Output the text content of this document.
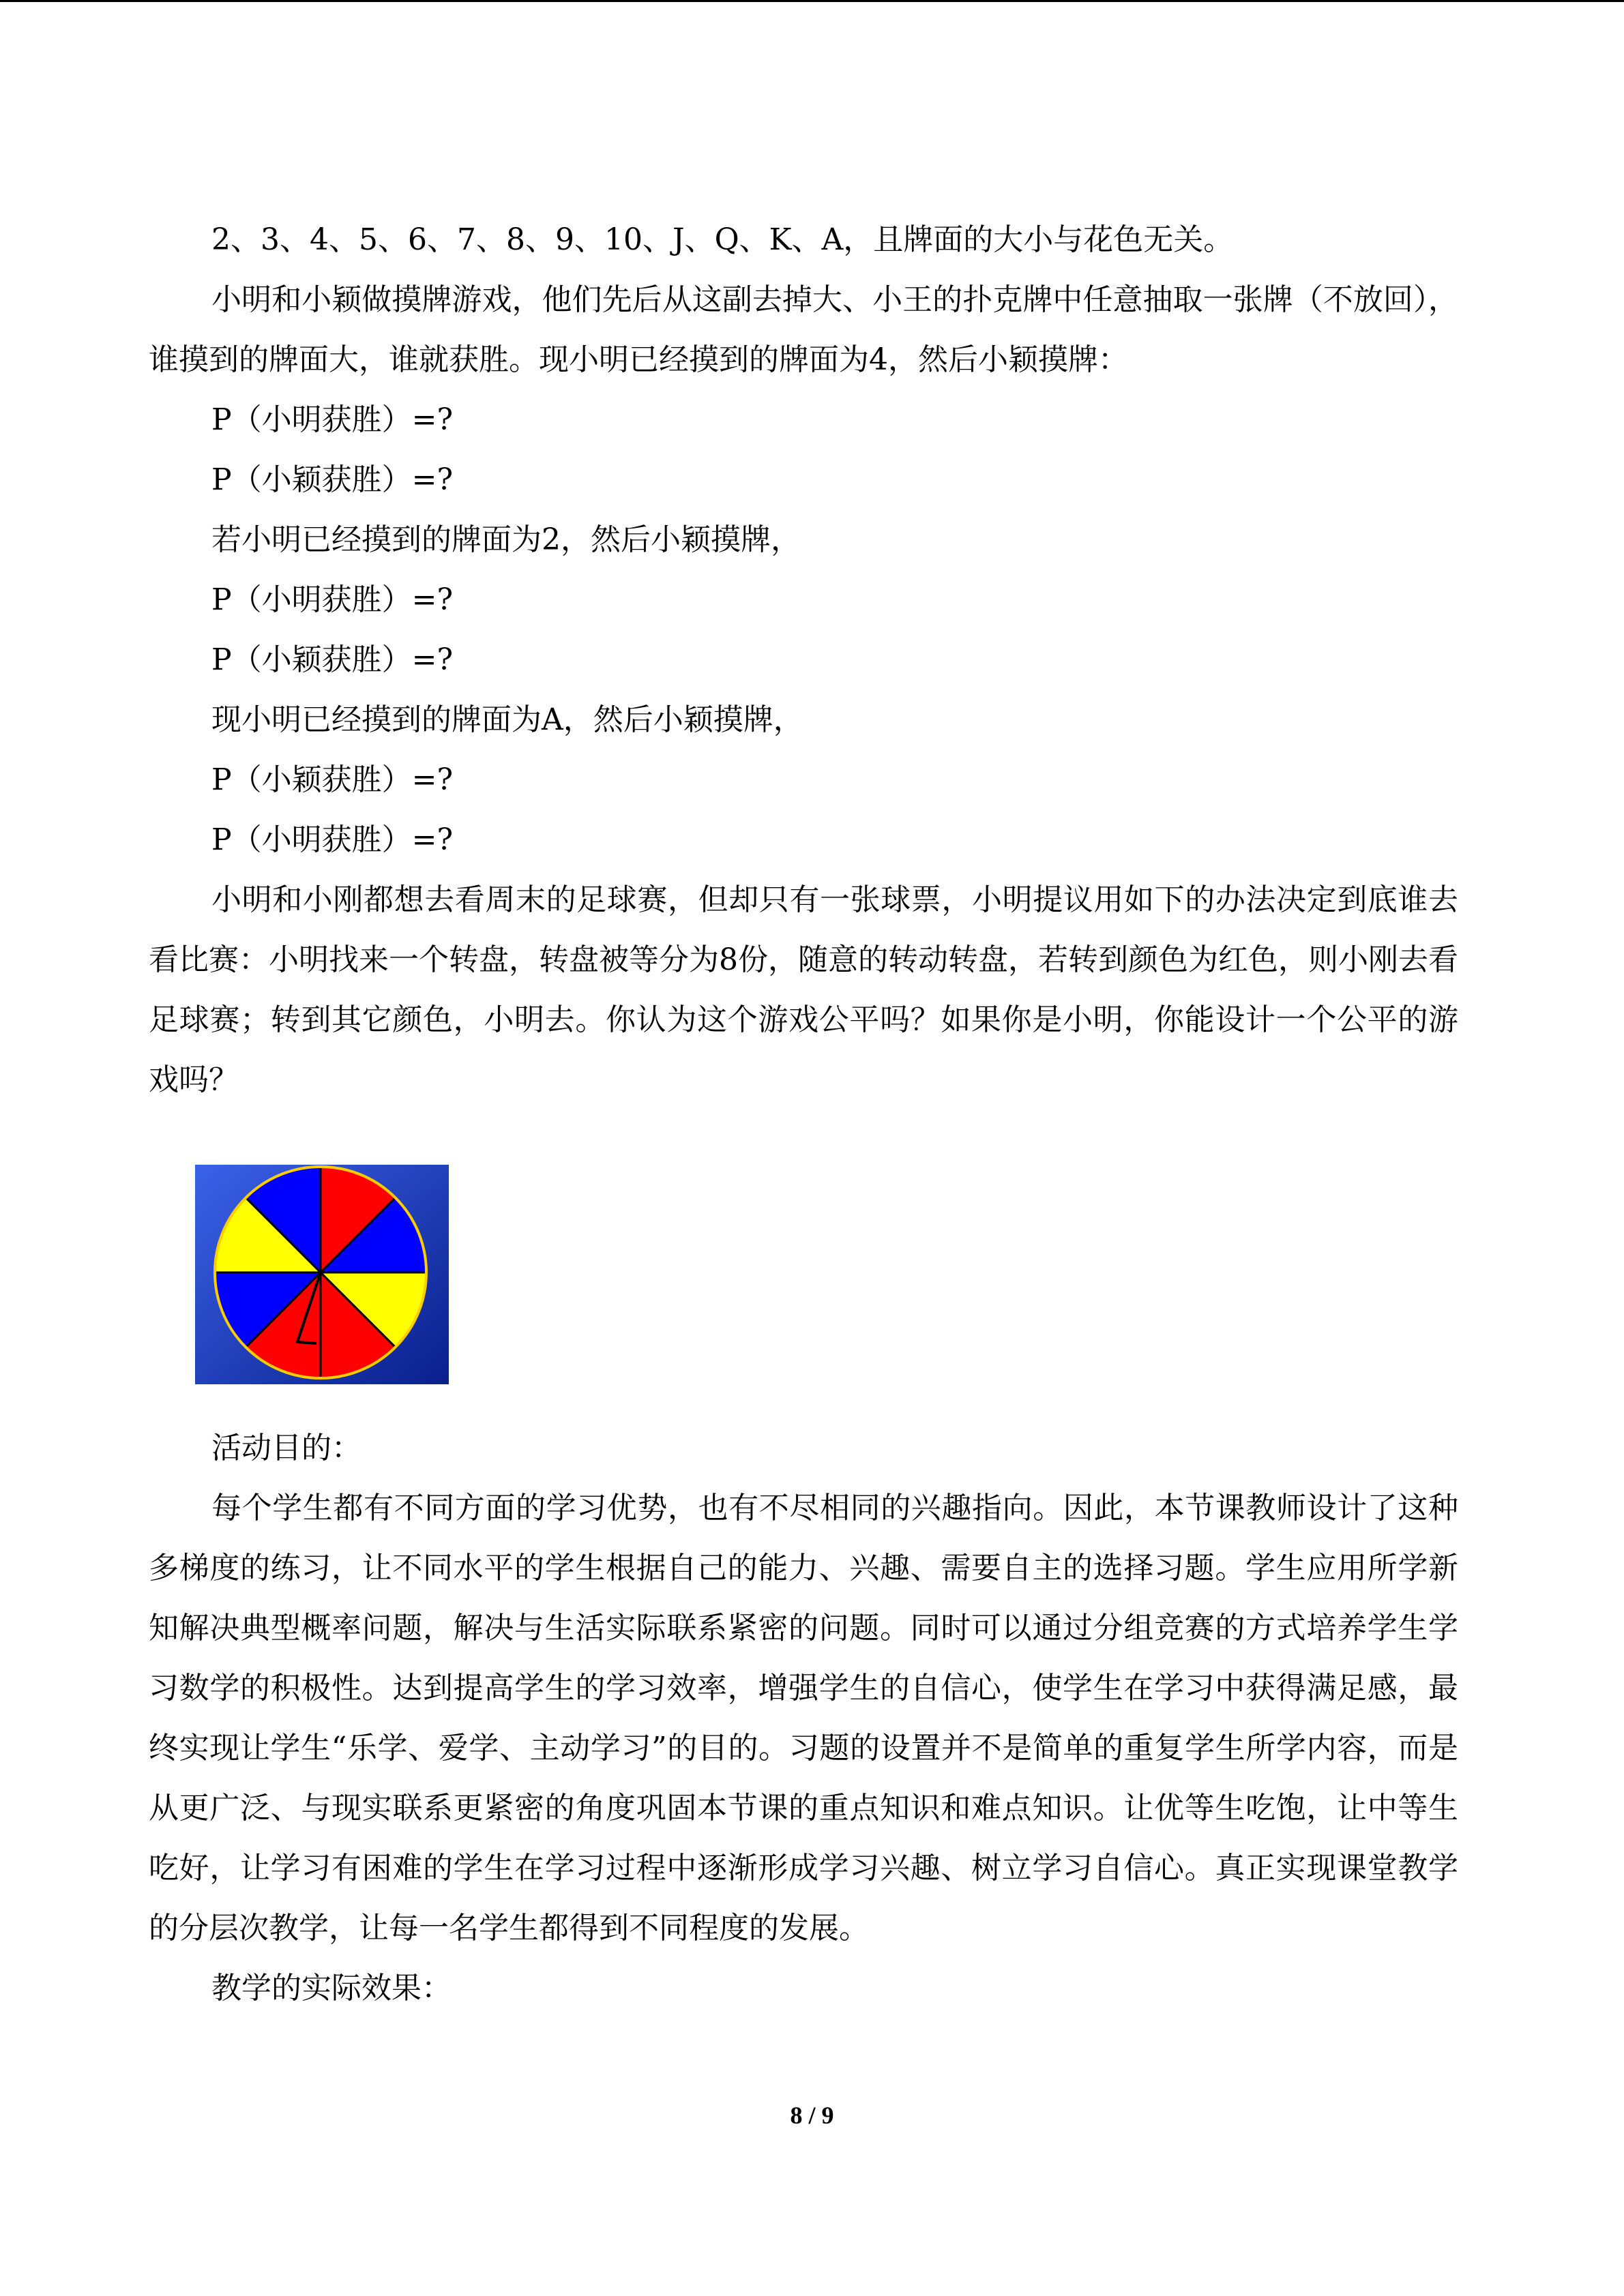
2、3、4、5、6、7、8、9、10、J、Q、K、A，且牌面的大小与花色无关。

小明和小颖做摸牌游戏，他们先后从这副去掉大、小王的扑克牌中任意抽取一张牌（不放回），谁摸到的牌面大，谁就获胜。现小明已经摸到的牌面为4，然后小颖摸牌：

P（小明获胜）=?

P（小颖获胜）=?

若小明已经摸到的牌面为2，然后小颖摸牌，

P（小明获胜）=?

P（小颖获胜）=?

现小明已经摸到的牌面为A，然后小颖摸牌，

P（小颖获胜）=?

P（小明获胜）=?

小明和小刚都想去看周末的足球赛，但却只有一张球票，小明提议用如下的办法决定到底谁去看比赛：小明找来一个转盘，转盘被等分为8份，随意的转动转盘，若转到颜色为红色，则小刚去看足球赛；转到其它颜色，小明去。你认为这个游戏公平吗？如果你是小明，你能设计一个公平的游戏吗？

活动目的：

每个学生都有不同方面的学习优势，也有不尽相同的兴趣指向。因此，本节课教师设计了这种多梯度的练习，让不同水平的学生根据自己的能力、兴趣、需要自主的选择习题。学生应用所学新知解决典型概率问题，解决与生活实际联系紧密的问题。同时可以通过分组竞赛的方式培养学生学习数学的积极性。达到提高学生的学习效率，增强学生的自信心，使学生在学习中获得满足感，最终实现让学生“乐学、爱学、主动学习”的目的。习题的设置并不是简单的重复学生所学内容，而是从更广泛、与现实联系更紧密的角度巩固本节课的重点知识和难点知识。让优等生吃饱，让中等生吃好，让学习有困难的学生在学习过程中逐渐形成学习兴趣、树立学习自信心。真正实现课堂教学的分层次教学，让每一名学生都得到不同程度的发展。

教学的实际效果：

8 / 9
